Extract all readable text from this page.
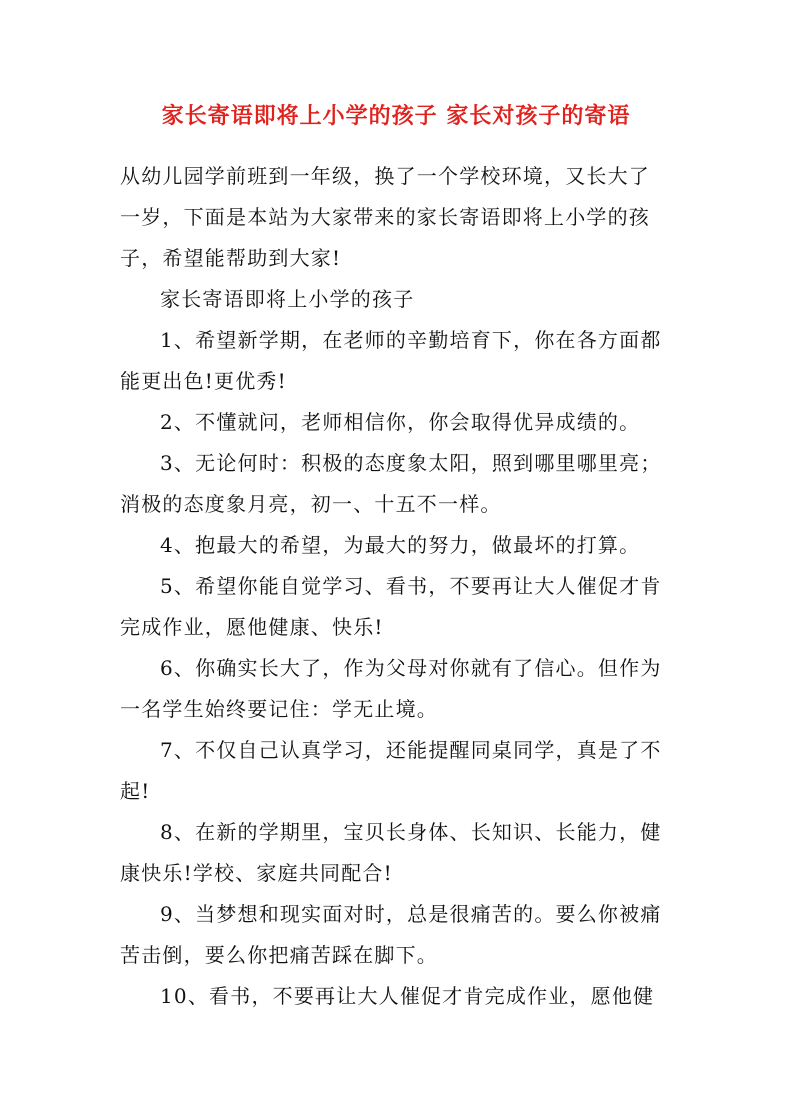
家长寄语即将上小学的孩子 家长对孩子的寄语

从幼儿园学前班到一年级，换了一个学校环境，又长大了一岁，下面是本站为大家带来的家长寄语即将上小学的孩子，希望能帮助到大家!

家长寄语即将上小学的孩子

1、希望新学期，在老师的辛勤培育下，你在各方面都能更出色!更优秀!

2、不懂就问，老师相信你，你会取得优异成绩的。

3、无论何时：积极的态度象太阳，照到哪里哪里亮；消极的态度象月亮，初一、十五不一样。

4、抱最大的希望，为最大的努力，做最坏的打算。

5、希望你能自觉学习、看书，不要再让大人催促才肯完成作业，愿他健康、快乐!

6、你确实长大了，作为父母对你就有了信心。但作为一名学生始终要记住：学无止境。

7、不仅自己认真学习，还能提醒同桌同学，真是了不起!

8、在新的学期里，宝贝长身体、长知识、长能力，健康快乐!学校、家庭共同配合!

9、当梦想和现实面对时，总是很痛苦的。要么你被痛苦击倒，要么你把痛苦踩在脚下。

10、看书，不要再让大人催促才肯完成作业，愿他健
